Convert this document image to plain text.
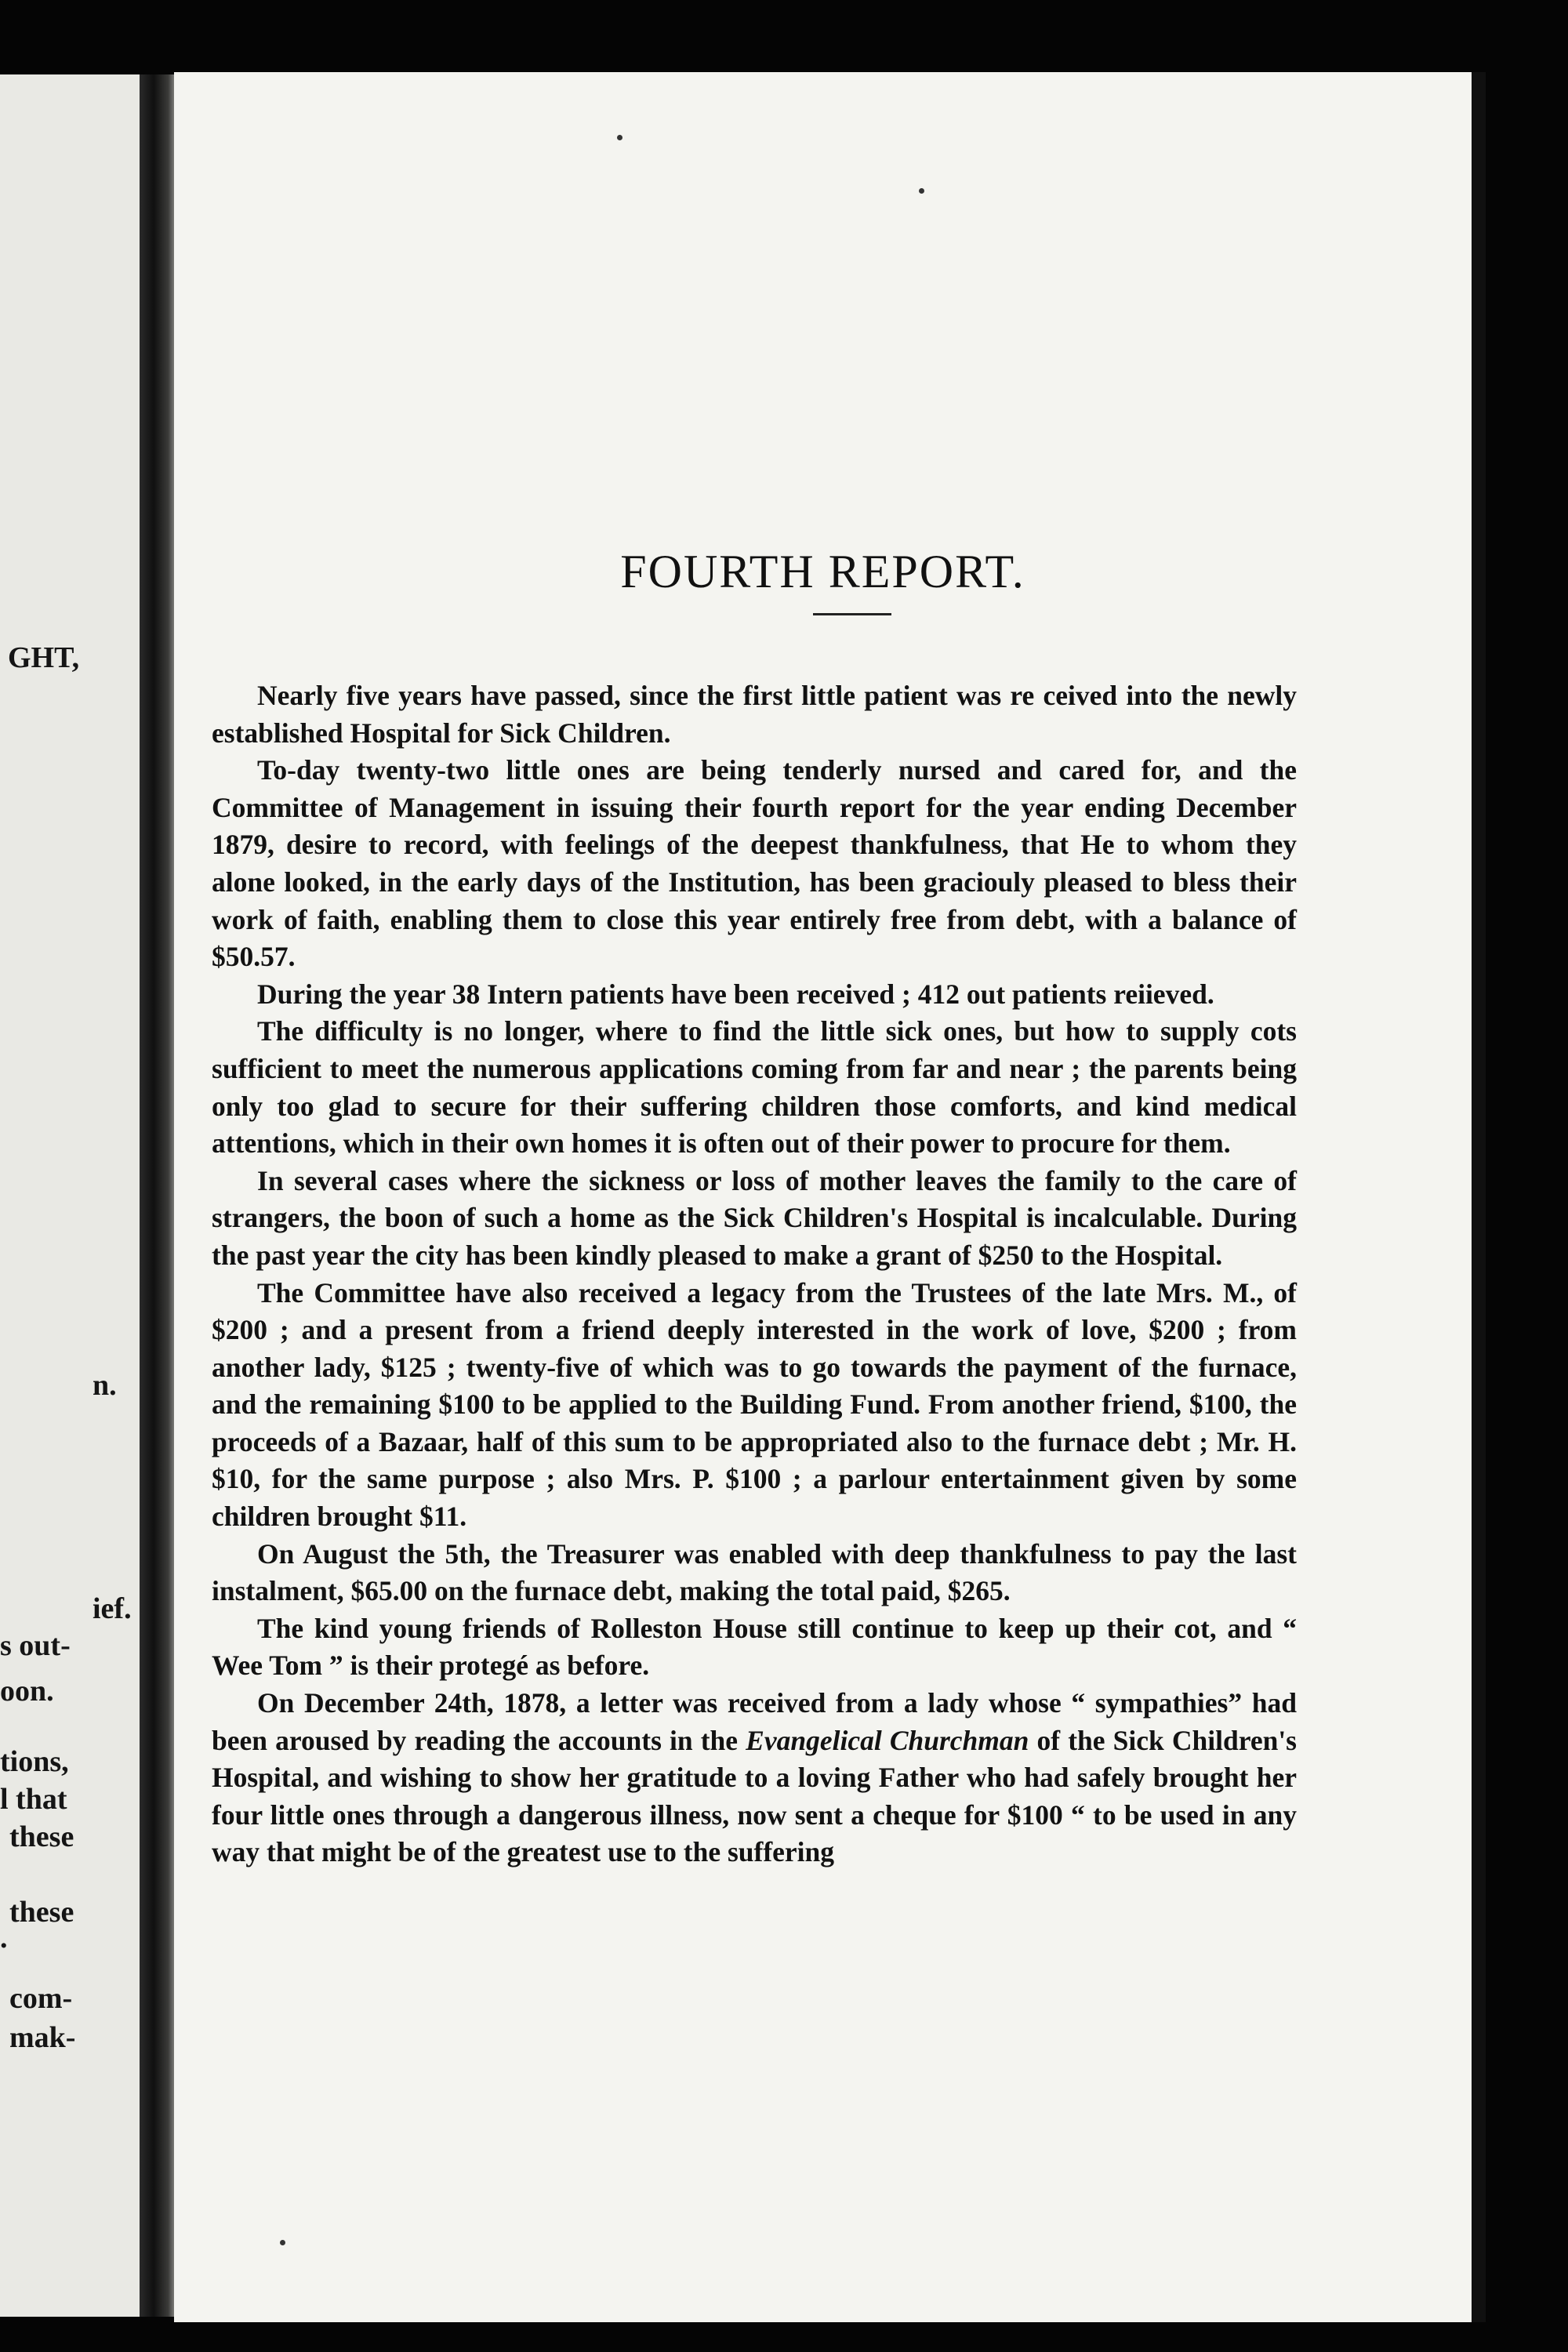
GHT,
n.
ief.
s out-
oon.
tions,
l that
these
these
.
com-
mak-
FOURTH REPORT.

Nearly five years have passed, since the first little patient was re ceived into the newly established Hospital for Sick Children.

To-day twenty-two little ones are being tenderly nursed and cared for, and the Committee of Management in issuing their fourth report for the year ending December 1879, desire to record, with feelings of the deepest thankfulness, that He to whom they alone looked, in the early days of the Institution, has been graciouly pleased to bless their work of faith, enabling them to close this year entirely free from debt, with a balance of $50.57.

During the year 38 Intern patients have been received ; 412 out patients reiieved.

The difficulty is no longer, where to find the little sick ones, but how to supply cots sufficient to meet the numerous applications coming from far and near ; the parents being only too glad to secure for their suffering children those comforts, and kind medical attentions, which in their own homes it is often out of their power to procure for them.

In several cases where the sickness or loss of mother leaves the family to the care of strangers, the boon of such a home as the Sick Children's Hospital is incalculable. During the past year the city has been kindly pleased to make a grant of $250 to the Hospital.

The Committee have also received a legacy from the Trustees of the late Mrs. M., of $200 ; and a present from a friend deeply interested in the work of love, $200 ; from another lady, $125 ; twenty-five of which was to go towards the payment of the furnace, and the remaining $100 to be applied to the Building Fund. From another friend, $100, the proceeds of a Bazaar, half of this sum to be appropriated also to the furnace debt ; Mr. H. $10, for the same purpose ; also Mrs. P. $100 ; a parlour entertainment given by some children brought $11.

On August the 5th, the Treasurer was enabled with deep thankfulness to pay the last instalment, $65.00 on the furnace debt, making the total paid, $265.

The kind young friends of Rolleston House still continue to keep up their cot, and “ Wee Tom ” is their protegé as before.

On December 24th, 1878, a letter was received from a lady whose “ sympathies” had been aroused by reading the accounts in the Evangelical Churchman of the Sick Children's Hospital, and wishing to show her gratitude to a loving Father who had safely brought her four little ones through a dangerous illness, now sent a cheque for $100 “ to be used in any way that might be of the greatest use to the suffering
